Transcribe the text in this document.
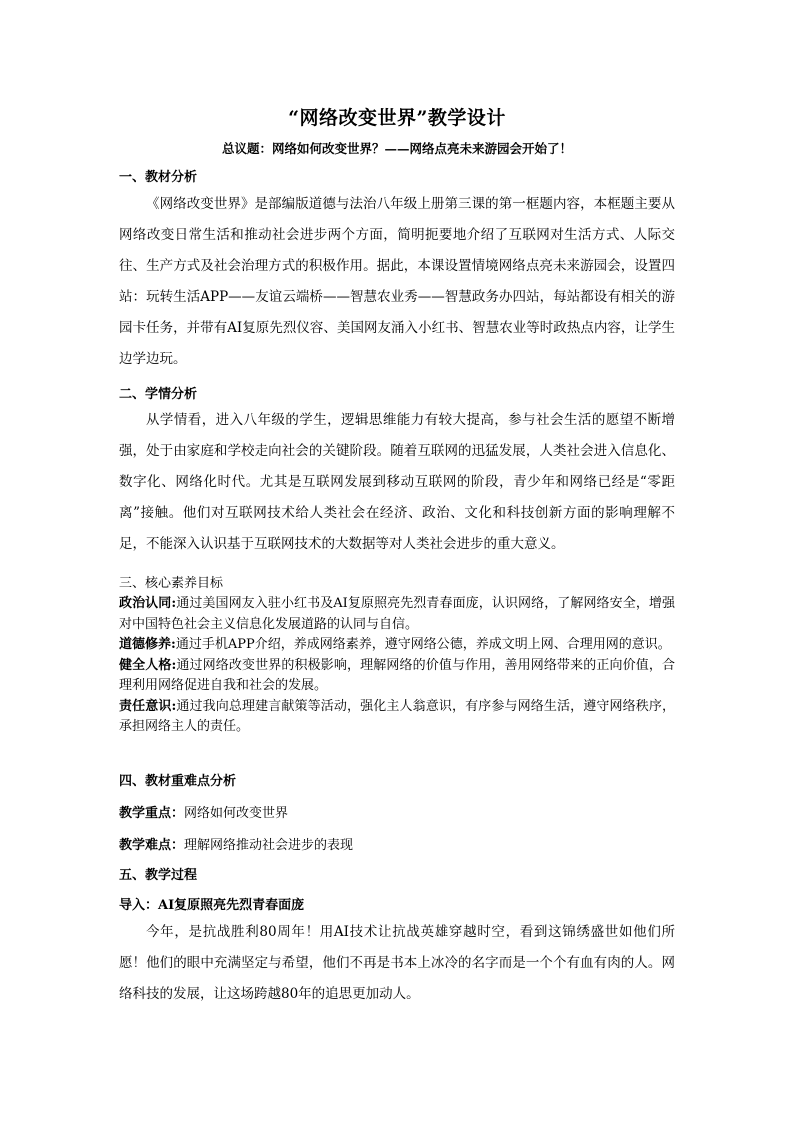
“网络改变世界”教学设计
总议题：网络如何改变世界？——网络点亮未来游园会开始了！
一、教材分析

《网络改变世界》是部编版道德与法治八年级上册第三课的第一框题内容，本框题主要从网络改变日常生活和推动社会进步两个方面，简明扼要地介绍了互联网对生活方式、人际交往、生产方式及社会治理方式的积极作用。据此，本课设置情境网络点亮未来游园会，设置四站：玩转生活APP——友谊云端桥——智慧农业秀——智慧政务办四站，每站都设有相关的游园卡任务，并带有AI复原先烈仪容、美国网友涌入小红书、智慧农业等时政热点内容，让学生边学边玩。

二、学情分析

从学情看，进入八年级的学生，逻辑思维能力有较大提高，参与社会生活的愿望不断增强，处于由家庭和学校走向社会的关键阶段。随着互联网的迅猛发展，人类社会进入信息化、数字化、网络化时代。尤其是互联网发展到移动互联网的阶段，青少年和网络已经是“零距离”接触。他们对互联网技术给人类社会在经济、政治、文化和科技创新方面的影响理解不足，不能深入认识基于互联网技术的大数据等对人类社会进步的重大意义。

三、核心素养目标

政治认同:通过美国网友入驻小红书及AI复原照亮先烈青春面庞，认识网络，了解网络安全，增强对中国特色社会主义信息化发展道路的认同与自信。

道德修养:通过手机APP介绍，养成网络素养，遵守网络公德，养成文明上网、合理用网的意识。

健全人格:通过网络改变世界的积极影响，理解网络的价值与作用，善用网络带来的正向价值，合理利用网络促进自我和社会的发展。

责任意识:通过我向总理建言献策等活动，强化主人翁意识，有序参与网络生活，遵守网络秩序，承担网络主人的责任。

四、教材重难点分析
教学重点：网络如何改变世界
教学难点：理解网络推动社会进步的表现
五、教学过程
导入：AI复原照亮先烈青春面庞

今年，是抗战胜利80周年！用AI技术让抗战英雄穿越时空，看到这锦绣盛世如他们所愿！他们的眼中充满坚定与希望，他们不再是书本上冰冷的名字而是一个个有血有肉的人。网络科技的发展，让这场跨越80年的追思更加动人。
